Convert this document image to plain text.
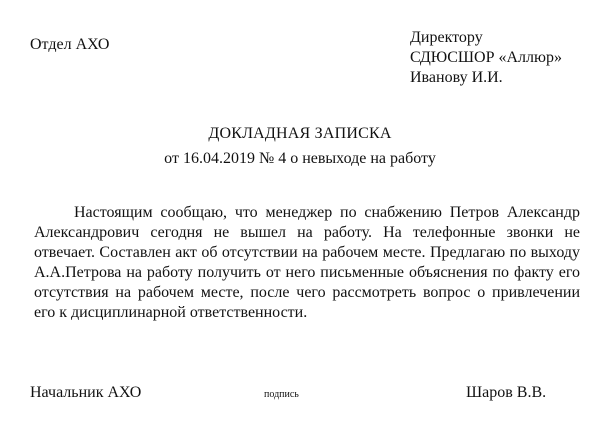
Отдел АХО	Директору
СДЮСШОР «Аллюр»
Иванову И.И.
ДОКЛАДНАЯ ЗАПИСКА
от 16.04.2019 № 4 о невыходе на работу

Настоящим сообщаю, что менеджер по снабжению Петров Александр Александрович сегодня не вышел на работу. На телефонные звонки не отвечает. Составлен акт об отсутствии на рабочем месте. Предлагаю по выходу А.А.Петрова на работу получить от него письменные объяснения по факту его отсутствия на рабочем месте, после чего рассмотреть вопрос о привлечении его к дисциплинарной ответственности.

Начальник АХО	подпись	Шаров В.В.
